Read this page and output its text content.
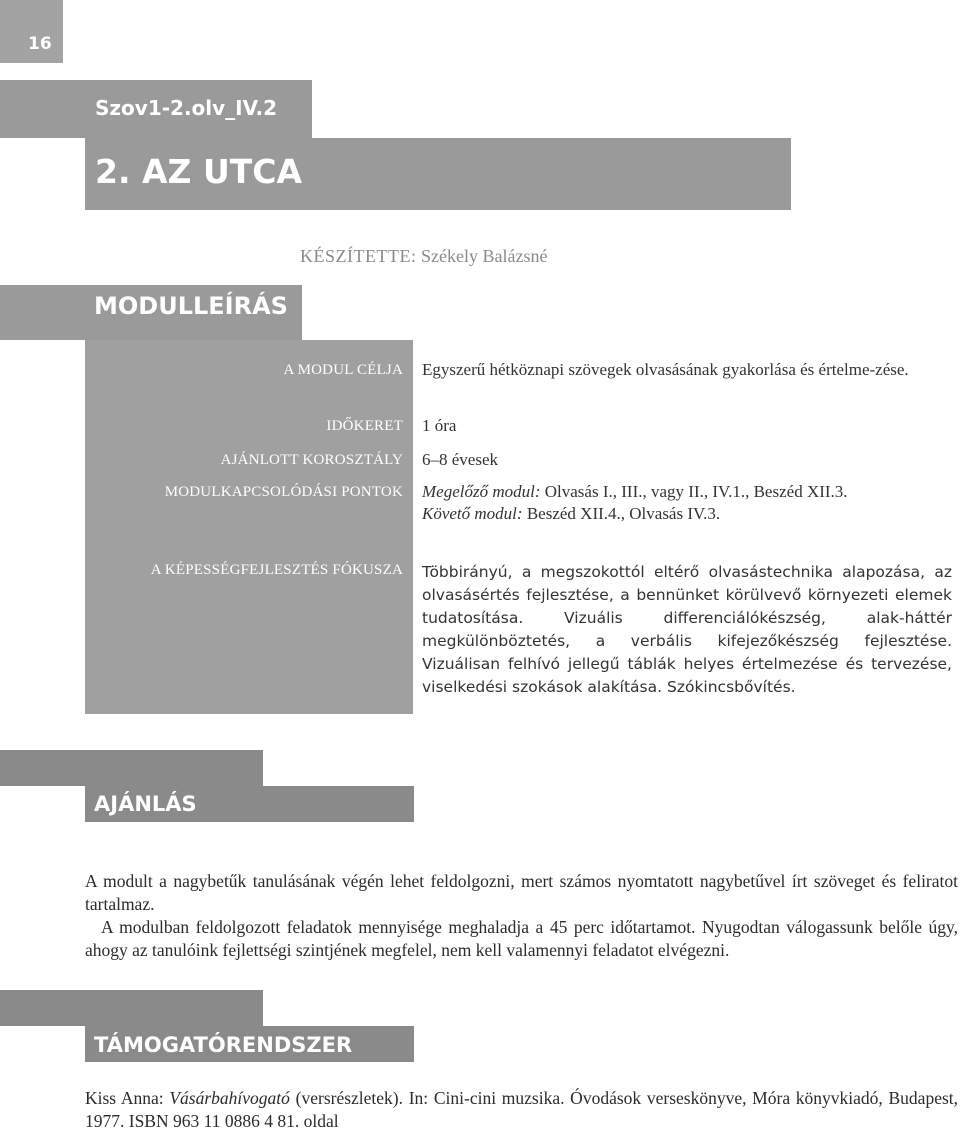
16
Szov1-2.olv_IV.2
2. AZ UTCA
KÉSZÍTETTE: Székely Balázsné
MODULLEÍRÁS
A MODUL CÉLJA Egyszerű hétköznapi szövegek olvasásának gyakorlása és értelme-zése.
IDŐKERET 1 óra
AJÁNLOTT KOROSZTÁLY 6–8 évesek
MODULKAPCSOLÓDÁSI PONTOK Megelőző modul: Olvasás I., III., vagy II., IV.1., Beszéd XII.3.
Követő modul: Beszéd XII.4., Olvasás IV.3.
A KÉPESSÉGFEJLESZTÉS FÓKUSZA Többirányú, a megszokottól eltérő olvasástechnika alapozása, az olvasásértés fejlesztése, a bennünket körülvevő környezeti elemek tudatosítása. Vizuális differenciálókészség, alak-háttér megkülönböztetés, a verbális kifejezőkészség fejlesztése. Vizuálisan felhívó jellegű táblák helyes értelmezése és tervezése, viselkedési szokások alakítása. Szókincsbővítés.
AJÁNLÁS
A modult a nagybetűk tanulásának végén lehet feldolgozni, mert számos nyomtatott nagybetűvel írt szöveget és feliratot tartalmaz.
A modulban feldolgozott feladatok mennyisége meghaladja a 45 perc időtartamot. Nyugodtan válogassunk belőle úgy, ahogy az tanulóink fejlettségi szintjének megfelel, nem kell valamennyi feladatot elvégezni.
TÁMOGATÓRENDSZER
Kiss Anna: Vásárbahívogató (versrészletek). In: Cini-cini muzsika. Óvodások verseskönyve, Móra könyvkiadó, Budapest, 1977. ISBN 963 11 0886 4 81. oldal
